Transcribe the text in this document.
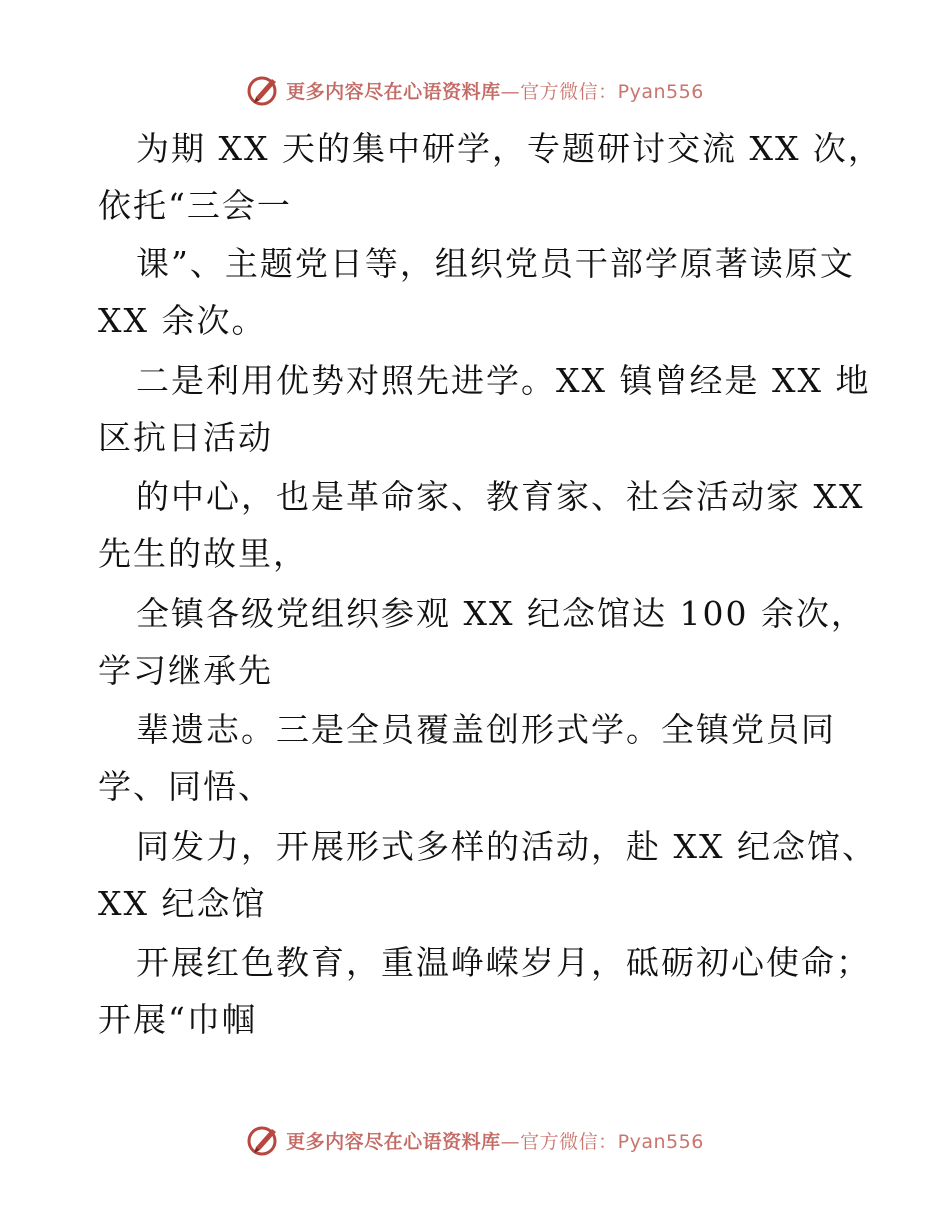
更多内容尽在心语资料库—官方微信：Pyan556
为期 XX 天的集中研学，专题研讨交流 XX 次，
依托“三会一
课”、主题党日等，组织党员干部学原著读原文
XX 余次。
二是利用优势对照先进学。XX 镇曾经是 XX 地
区抗日活动
的中心，也是革命家、教育家、社会活动家 XX
先生的故里，
全镇各级党组织参观 XX 纪念馆达 100 余次，
学习继承先
辈遗志。三是全员覆盖创形式学。全镇党员同
学、同悟、
同发力，开展形式多样的活动，赴 XX 纪念馆、
XX 纪念馆
开展红色教育，重温峥嵘岁月，砥砺初心使命；
开展“巾帼
更多内容尽在心语资料库—官方微信：Pyan556
